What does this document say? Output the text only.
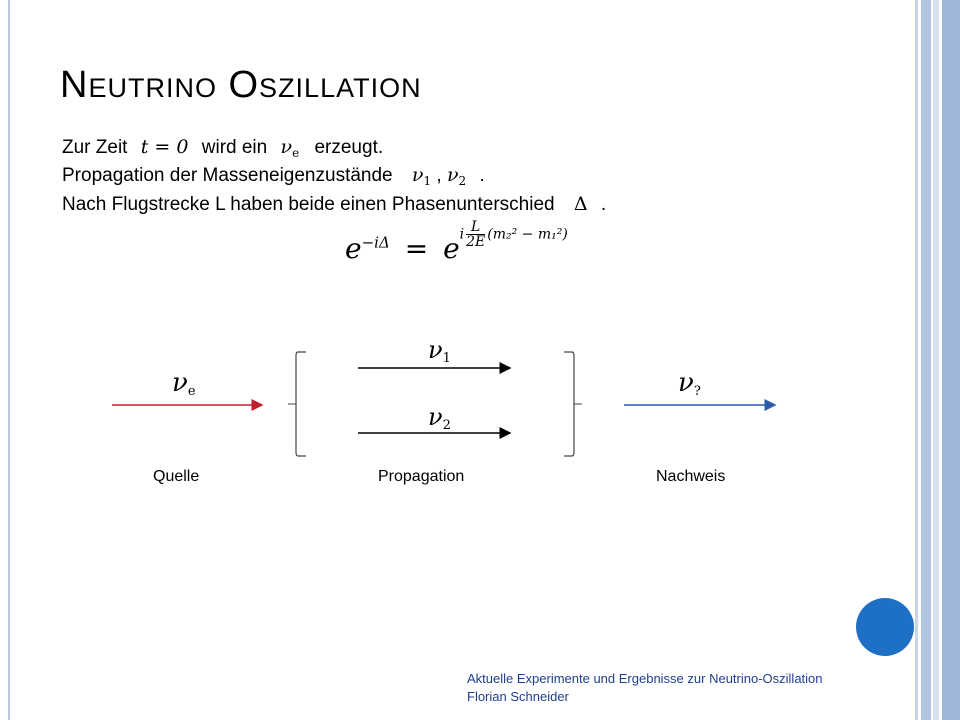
Neutrino Oszillation
Zur Zeit t = 0 wird ein $\nu_e$ erzeugt.
Propagation der Masseneigenzustände $\nu_1$ , $\nu_2$ .
Nach Flugstrecke L haben beide einen Phasenunterschied Δ .
$e^{-i\Delta}$ = ei $\frac{L}{2E} (m_2^2 - m_1^2)$
$\nu_e$
$\nu_1$
$\nu_2$
$\nu_?$
Quelle	Propagation	Nachweis
Aktuelle Experimente und Ergebnisse zur Neutrino-Oszillation
Florian Schneider
